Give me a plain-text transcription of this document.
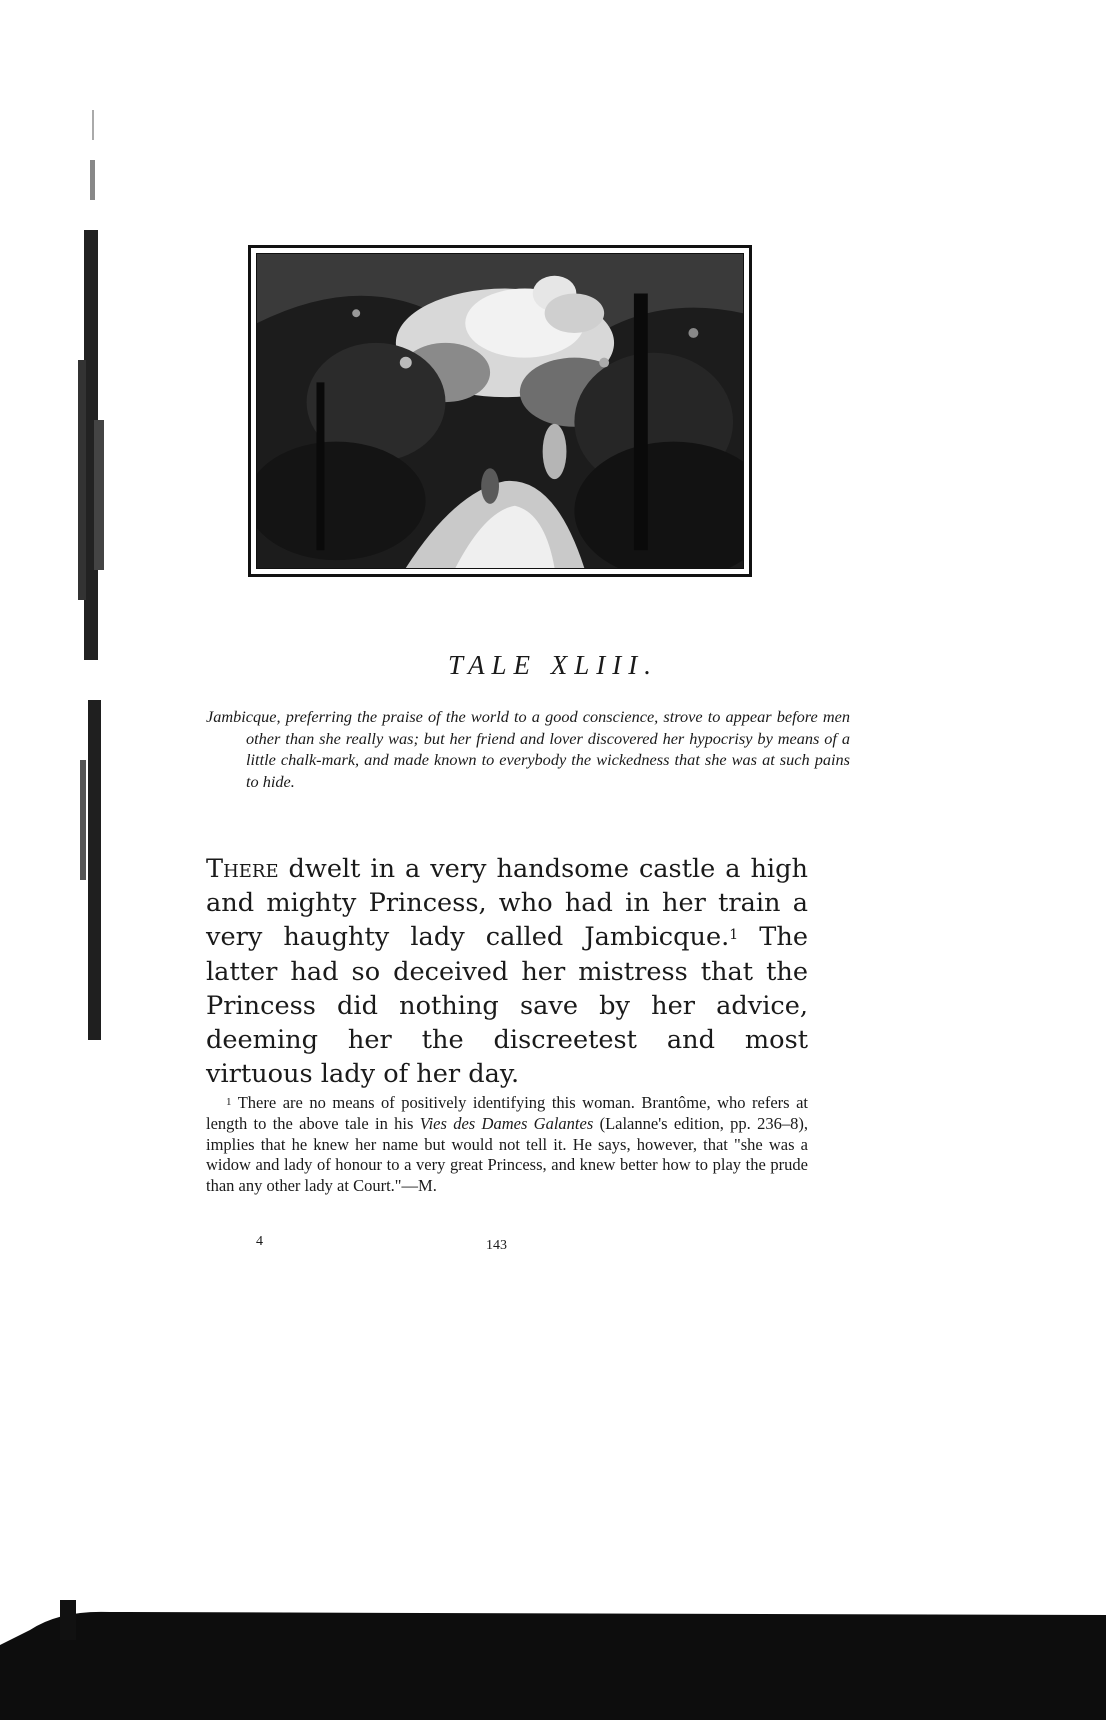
TALE XLIII.

Jambicque, preferring the praise of the world to a good conscience, strove to appear before men other than she really was; but her friend and lover discovered her hypocrisy by means of a little chalk-mark, and made known to everybody the wickedness that she was at such pains to hide.

There dwelt in a very handsome castle a high and mighty Princess, who had in her train a very haughty lady called Jambicque.$^1$ The latter had so deceived her mistress that the Princess did nothing save by her advice, deeming her the discreetest and most virtuous lady of her day.

$^1$ There are no means of positively identifying this woman. Brantôme, who refers at length to the above tale in his Vies des Dames Galantes (Lalanne's edition, pp. 236–8), implies that he knew her name but would not tell it. He says, however, that "she was a widow and lady of honour to a very great Princess, and knew better how to play the prude than any other lady at Court."—M.

4	143
